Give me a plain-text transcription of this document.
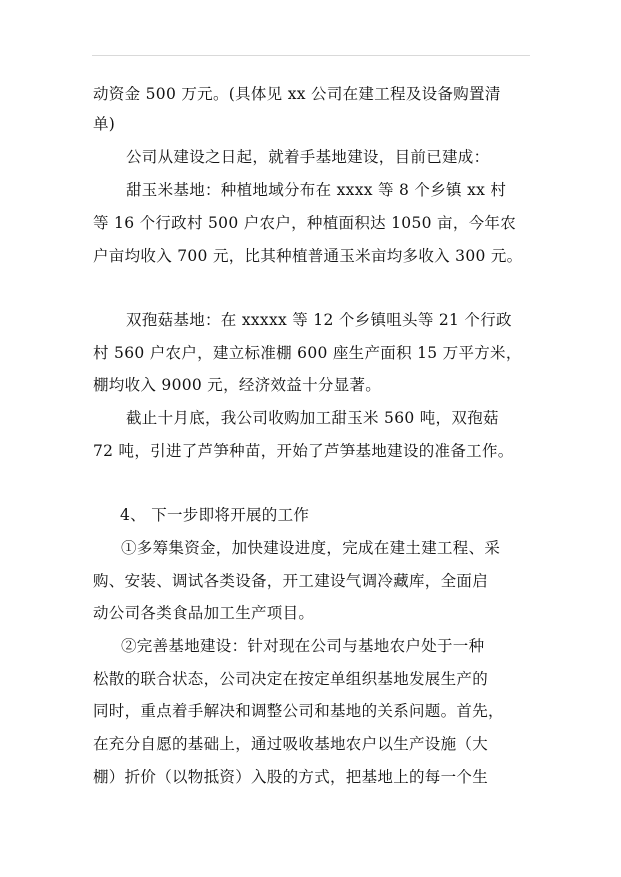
动资金 500 万元。(具体见 xx 公司在建工程及设备购置清
单)
公司从建设之日起，就着手基地建设，目前已建成：
甜玉米基地：种植地域分布在 xxxx 等 8 个乡镇 xx 村
等 16 个行政村 500 户农户，种植面积达 1050 亩，今年农
户亩均收入 700 元，比其种植普通玉米亩均多收入 300 元。
双孢菇基地：在 xxxxx 等 12 个乡镇咀头等 21 个行政
村 560 户农户，建立标准棚 600 座生产面积 15 万平方米，
棚均收入 9000 元，经济效益十分显著。
截止十月底，我公司收购加工甜玉米 560 吨，双孢菇
72 吨，引进了芦笋种苗，开始了芦笋基地建设的准备工作。
4、 下一步即将开展的工作
①多筹集资金，加快建设进度，完成在建土建工程、采
购、安装、调试各类设备，开工建设气调冷藏库，全面启
动公司各类食品加工生产项目。
②完善基地建设：针对现在公司与基地农户处于一种
松散的联合状态，公司决定在按定单组织基地发展生产的
同时，重点着手解决和调整公司和基地的关系问题。首先，
在充分自愿的基础上，通过吸收基地农户以生产设施（大
棚）折价（以物抵资）入股的方式，把基地上的每一个生
